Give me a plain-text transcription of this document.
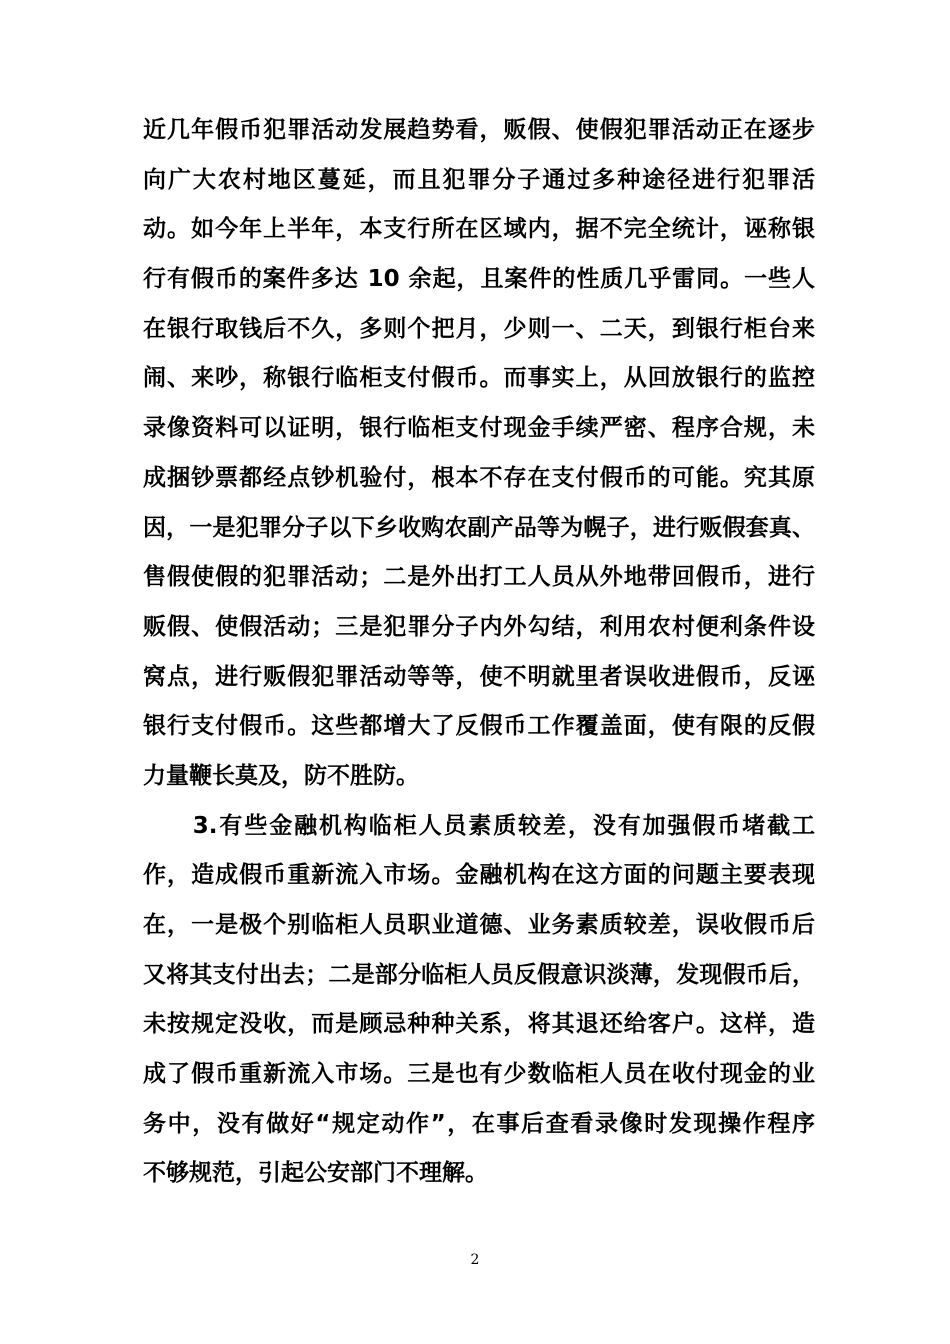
近几年假币犯罪活动发展趋势看，贩假、使假犯罪活动正在逐步
向广大农村地区蔓延，而且犯罪分子通过多种途径进行犯罪活
动。如今年上半年，本支行所在区域内，据不完全统计，诬称银
行有假币的案件多达 10 余起，且案件的性质几乎雷同。一些人
在银行取钱后不久，多则个把月，少则一、二天，到银行柜台来
闹、来吵，称银行临柜支付假币。而事实上，从回放银行的监控
录像资料可以证明，银行临柜支付现金手续严密、程序合规，未
成捆钞票都经点钞机验付，根本不存在支付假币的可能。究其原
因，一是犯罪分子以下乡收购农副产品等为幌子，进行贩假套真、
售假使假的犯罪活动；二是外出打工人员从外地带回假币，进行
贩假、使假活动；三是犯罪分子内外勾结，利用农村便利条件设
窝点，进行贩假犯罪活动等等，使不明就里者误收进假币，反诬
银行支付假币。这些都增大了反假币工作覆盖面，使有限的反假
力量鞭长莫及，防不胜防。
　　3.有些金融机构临柜人员素质较差，没有加强假币堵截工
作，造成假币重新流入市场。金融机构在这方面的问题主要表现
在，一是极个别临柜人员职业道德、业务素质较差，误收假币后
又将其支付出去；二是部分临柜人员反假意识淡薄，发现假币后，
未按规定没收，而是顾忌种种关系，将其退还给客户。这样，造
成了假币重新流入市场。三是也有少数临柜人员在收付现金的业
务中，没有做好“规定动作”，在事后查看录像时发现操作程序
不够规范，引起公安部门不理解。
2
